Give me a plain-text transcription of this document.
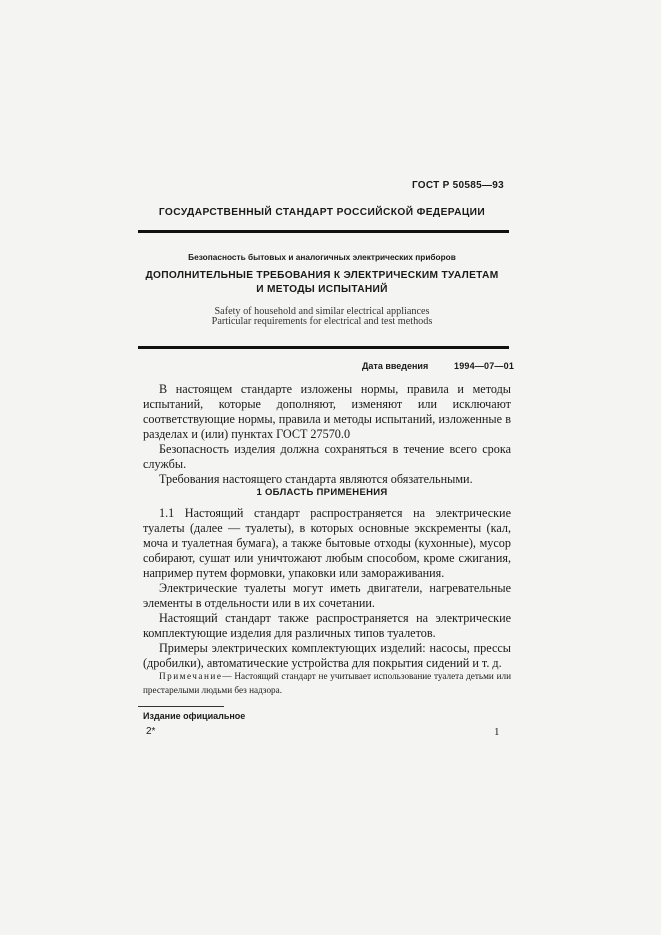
ГОСТ Р 50585—93
ГОСУДАРСТВЕННЫЙ СТАНДАРТ РОССИЙСКОЙ ФЕДЕРАЦИИ
Безопасность бытовых и аналогичных электрических приборов
ДОПОЛНИТЕЛЬНЫЕ ТРЕБОВАНИЯ К ЭЛЕКТРИЧЕСКИМ ТУАЛЕТАМ
И МЕТОДЫ ИСПЫТАНИЙ
Safety of household and similar electrical appliances
Particular requirements for electrical and test methods
Дата введения	1994—07—01

В настоящем стандарте изложены нормы, правила и методы испытаний, которые дополняют, изменяют или исключают соответствующие нормы, правила и методы испытаний, изложенные в разделах и (или) пунктах ГОСТ 27570.0

Безопасность изделия должна сохраняться в течение всего срока службы.

Требования настоящего стандарта являются обязательными.

1 ОБЛАСТЬ ПРИМЕНЕНИЯ

1.1 Настоящий стандарт распространяется на электрические туалеты (далее — туалеты), в которых основные экскременты (кал, моча и туалетная бумага), а также бытовые отходы (кухонные), мусор собирают, сушат или уничтожают любым способом, кроме сжигания, например путем формовки, упаковки или замораживания.

Электрические туалеты могут иметь двигатели, нагревательные элементы в отдельности или в их сочетании.

Настоящий стандарт также распространяется на электрические комплектующие изделия для различных типов туалетов.

Примеры электрических комплектующих изделий: насосы, прессы (дробилки), автоматические устройства для покрытия сидений и т. д.

Примечание— Настоящий стандарт не учитывает использование туалета детьми или престарелыми людьми без надзора.
Издание официальное
2*	1
